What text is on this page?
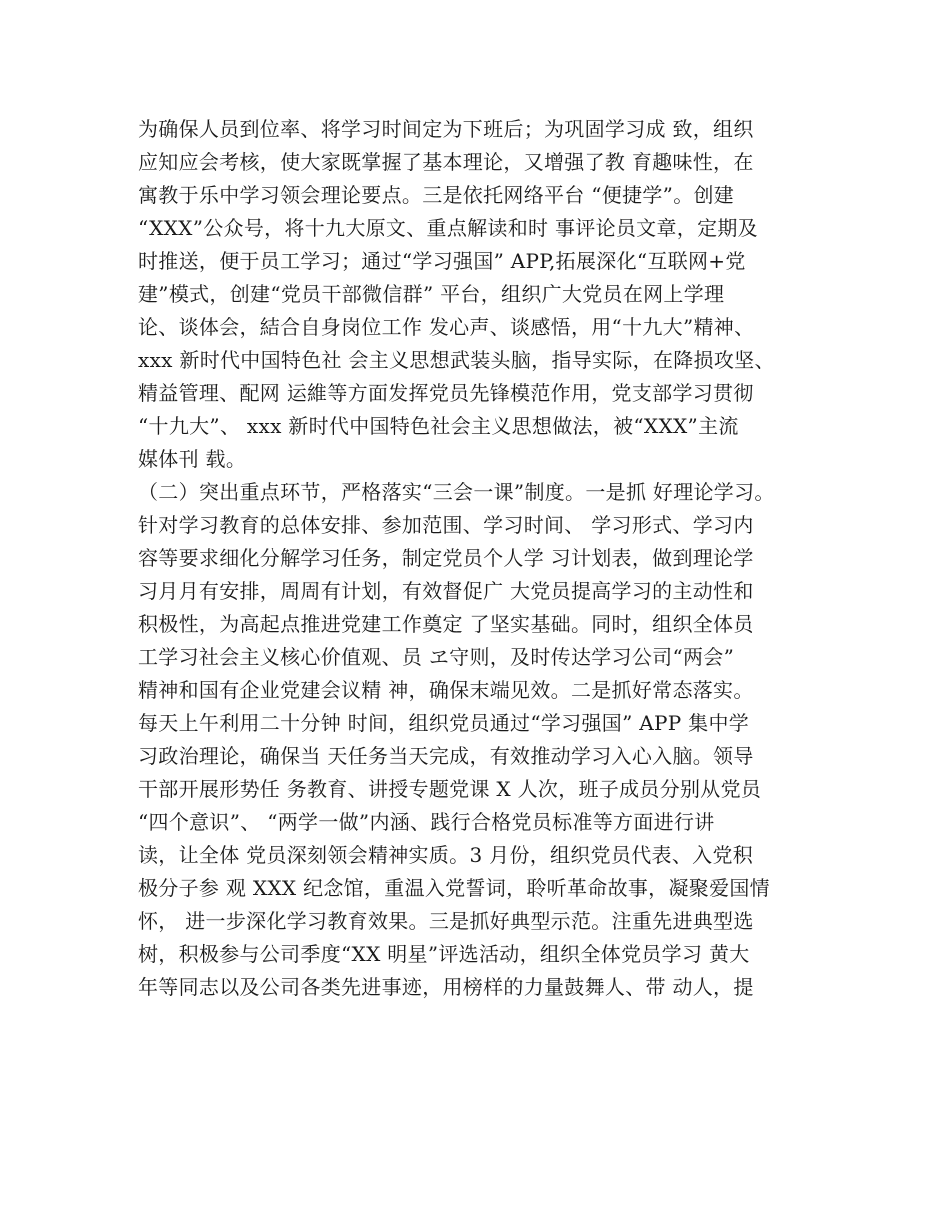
为确保人员到位率、将学习时间定为下班后；为巩固学习成 致，组织
应知应会考核，使大家既掌握了基本理论，又增强了教 育趣味性，在
寓教于乐中学习领会理论要点。三是依托网络平台 “便捷学”。创建
“XXX”公众号，将十九大原文、重点解读和时 事评论员文章，定期及
时推送，便于员工学习；通过“学习强国” APP,拓展深化“互联网+党
建”模式，创建“党员干部微信群” 平台，组织广大党员在网上学理
论、谈体会，結合自身岗位工作 发心声、谈感悟，用“十九大”精神、
xxx 新时代中国特色社 会主义思想武装头脑，指导实际，在降损攻坚、
精益管理、配网 运維等方面发挥党员先锋模范作用，党支部学习贯彻
“十九大”、 xxx 新时代中国特色社会主义思想做法，被“XXX”主流
媒体刊 载。
（二）突出重点环节，严格落实“三会一课”制度。一是抓 好理论学习。
针对学习教育的总体安排、参加范围、学习时间、 学习形式、学习内
容等要求细化分解学习任务，制定党员个人学 习计划表，做到理论学
习月月有安排，周周有计划，有效督促广 大党员提高学习的主动性和
积极性，为高起点推进党建工作奠定 了坚实基础。同时，组织全体员
工学习社会主义核心价值观、员 ヱ守则，及时传达学习公司“两会”
精神和国有企业党建会议精 神，确保末端见效。二是抓好常态落实。
每天上午利用二十分钟 时间，组织党员通过“学习强国” APP 集中学
习政治理论，确保当 天任务当天完成，有效推动学习入心入脑。领导
干部开展形势任 务教育、讲授专题党课 X 人次，班子成员分别从党员
“四个意识”、 “两学一做”内涵、践行合格党员标准等方面进行讲
读，让全体 党员深刻领会精神实质。3 月份，组织党员代表、入党积
极分子参 观 XXX 纪念馆，重温入党誓词，聆听革命故事，凝聚爱国情
怀， 进一步深化学习教育效果。三是抓好典型示范。注重先进典型选
树，积极参与公司季度“XX 明星”评选活动，组织全体党员学习 黄大
年等同志以及公司各类先进事迹，用榜样的力量鼓舞人、带 动人，提
